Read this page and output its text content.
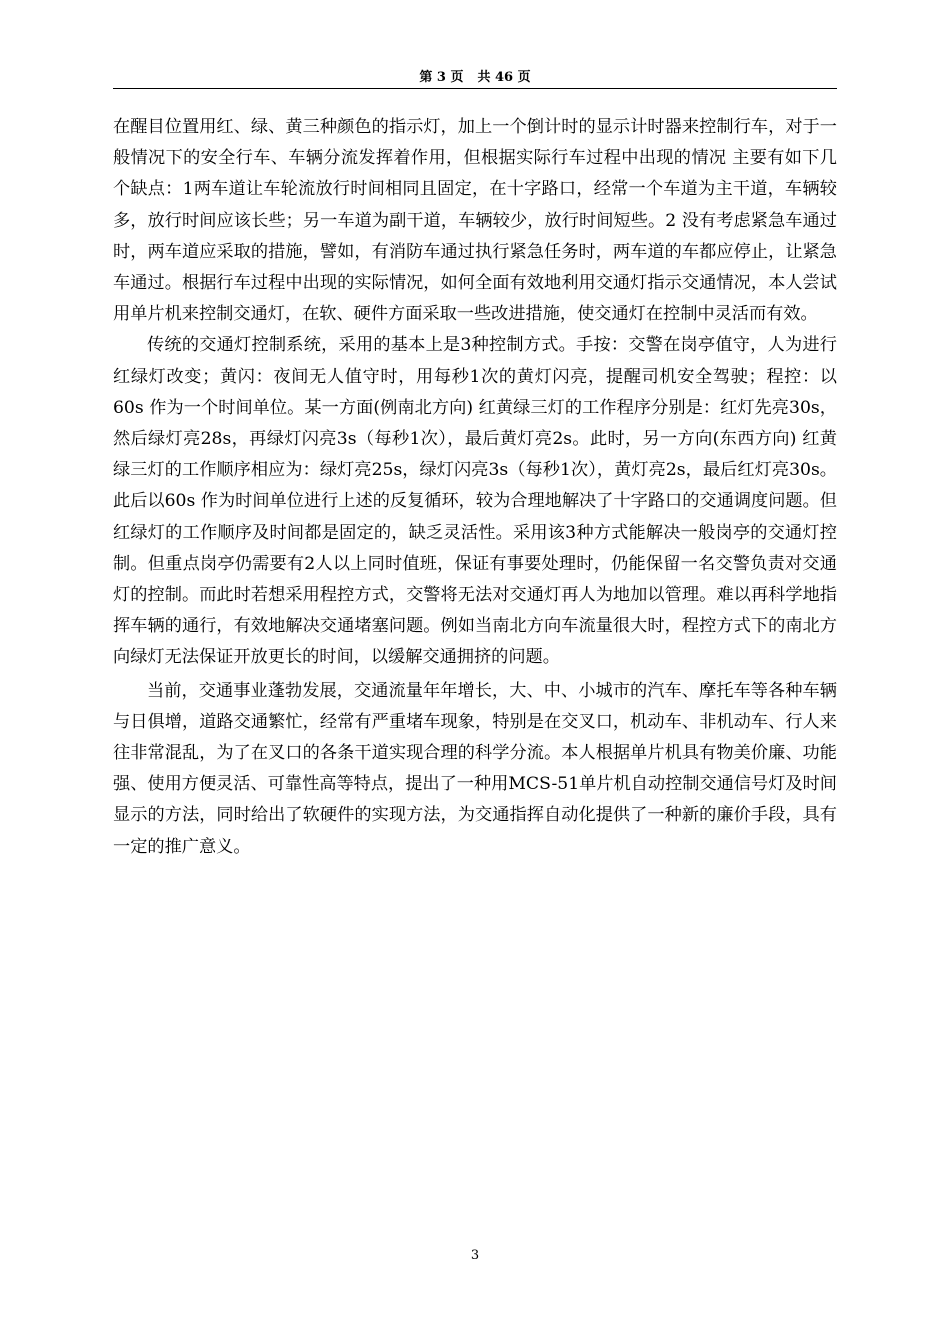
第 3 页 共 46 页

在醒目位置用红、绿、黄三种颜色的指示灯，加上一个倒计时的显示计时器来控制行车，对于一般情况下的安全行车、车辆分流发挥着作用，但根据实际行车过程中出现的情况 主要有如下几个缺点：1两车道让车轮流放行时间相同且固定，在十字路口，经常一个车道为主干道，车辆较多，放行时间应该长些；另一车道为副干道，车辆较少，放行时间短些。2 没有考虑紧急车通过时，两车道应采取的措施，譬如，有消防车通过执行紧急任务时，两车道的车都应停止，让紧急车通过。根据行车过程中出现的实际情况，如何全面有效地利用交通灯指示交通情况，本人尝试用单片机来控制交通灯，在软、硬件方面采取一些改进措施，使交通灯在控制中灵活而有效。

传统的交通灯控制系统，采用的基本上是3种控制方式。手按：交警在岗亭值守，人为进行红绿灯改变；黄闪：夜间无人值守时，用每秒1次的黄灯闪亮，提醒司机安全驾驶；程控：以60s 作为一个时间单位。某一方面(例南北方向) 红黄绿三灯的工作程序分别是：红灯先亮30s，然后绿灯亮28s，再绿灯闪亮3s（每秒1次），最后黄灯亮2s。此时，另一方向(东西方向) 红黄绿三灯的工作顺序相应为：绿灯亮25s，绿灯闪亮3s（每秒1次），黄灯亮2s，最后红灯亮30s。此后以60s 作为时间单位进行上述的反复循环，较为合理地解决了十字路口的交通调度问题。但红绿灯的工作顺序及时间都是固定的，缺乏灵活性。采用该3种方式能解决一般岗亭的交通灯控制。但重点岗亭仍需要有2人以上同时值班，保证有事要处理时，仍能保留一名交警负责对交通灯的控制。而此时若想采用程控方式，交警将无法对交通灯再人为地加以管理。难以再科学地指挥车辆的通行，有效地解决交通堵塞问题。例如当南北方向车流量很大时，程控方式下的南北方向绿灯无法保证开放更长的时间，以缓解交通拥挤的问题。

当前，交通事业蓬勃发展，交通流量年年增长，大、中、小城市的汽车、摩托车等各种车辆与日俱增，道路交通繁忙，经常有严重堵车现象，特别是在交叉口，机动车、非机动车、行人来往非常混乱，为了在叉口的各条干道实现合理的科学分流。本人根据单片机具有物美价廉、功能强、使用方便灵活、可靠性高等特点，提出了一种用MCS-51单片机自动控制交通信号灯及时间显示的方法，同时给出了软硬件的实现方法，为交通指挥自动化提供了一种新的廉价手段，具有一定的推广意义。

3
